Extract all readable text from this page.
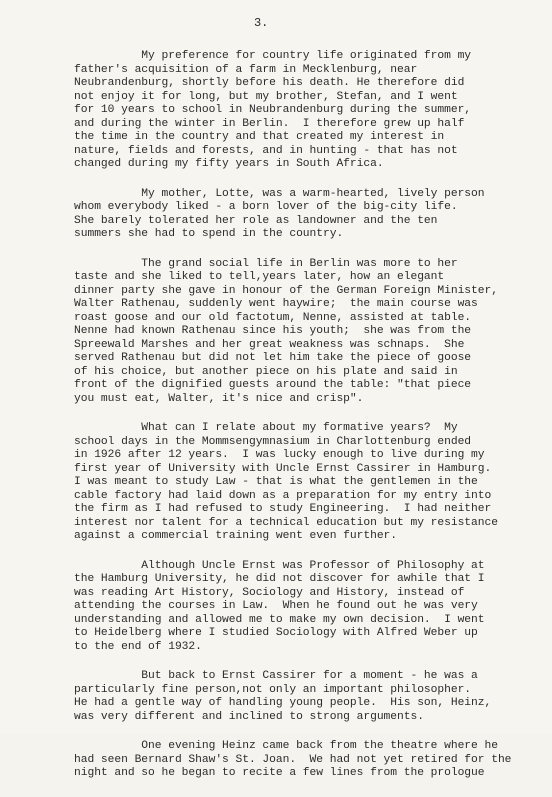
3.
My preference for country life originated from my
father's acquisition of a farm in Mecklenburg, near
Neubrandenburg, shortly before his death. He therefore did
not enjoy it for long, but my brother, Stefan, and I went
for 10 years to school in Neubrandenburg during the summer,
and during the winter in Berlin.  I therefore grew up half
the time in the country and that created my interest in
nature, fields and forests, and in hunting - that has not
changed during my fifty years in South Africa.
My mother, Lotte, was a warm-hearted, lively person
whom everybody liked - a born lover of the big-city life.
She barely tolerated her role as landowner and the ten
summers she had to spend in the country.
The grand social life in Berlin was more to her
taste and she liked to tell,years later, how an elegant
dinner party she gave in honour of the German Foreign Minister,
Walter Rathenau, suddenly went haywire;  the main course was
roast goose and our old factotum, Nenne, assisted at table.
Nenne had known Rathenau since his youth;  she was from the
Spreewald Marshes and her great weakness was schnaps.  She
served Rathenau but did not let him take the piece of goose
of his choice, but another piece on his plate and said in
front of the dignified guests around the table: "that piece
you must eat, Walter, it's nice and crisp".
What can I relate about my formative years?  My
school days in the Mommsengymnasium in Charlottenburg ended
in 1926 after 12 years.  I was lucky enough to live during my
first year of University with Uncle Ernst Cassirer in Hamburg.
I was meant to study Law - that is what the gentlemen in the
cable factory had laid down as a preparation for my entry into
the firm as I had refused to study Engineering.  I had neither
interest nor talent for a technical education but my resistance
against a commercial training went even further.
Although Uncle Ernst was Professor of Philosophy at
the Hamburg University, he did not discover for awhile that I
was reading Art History, Sociology and History, instead of
attending the courses in Law.  When he found out he was very
understanding and allowed me to make my own decision.  I went
to Heidelberg where I studied Sociology with Alfred Weber up
to the end of 1932.
But back to Ernst Cassirer for a moment - he was a
particularly fine person,not only an important philosopher.
He had a gentle way of handling young people.  His son, Heinz,
was very different and inclined to strong arguments.
One evening Heinz came back from the theatre where he
had seen Bernard Shaw's St. Joan.  We had not yet retired for the
night and so he began to recite a few lines from the prologue
